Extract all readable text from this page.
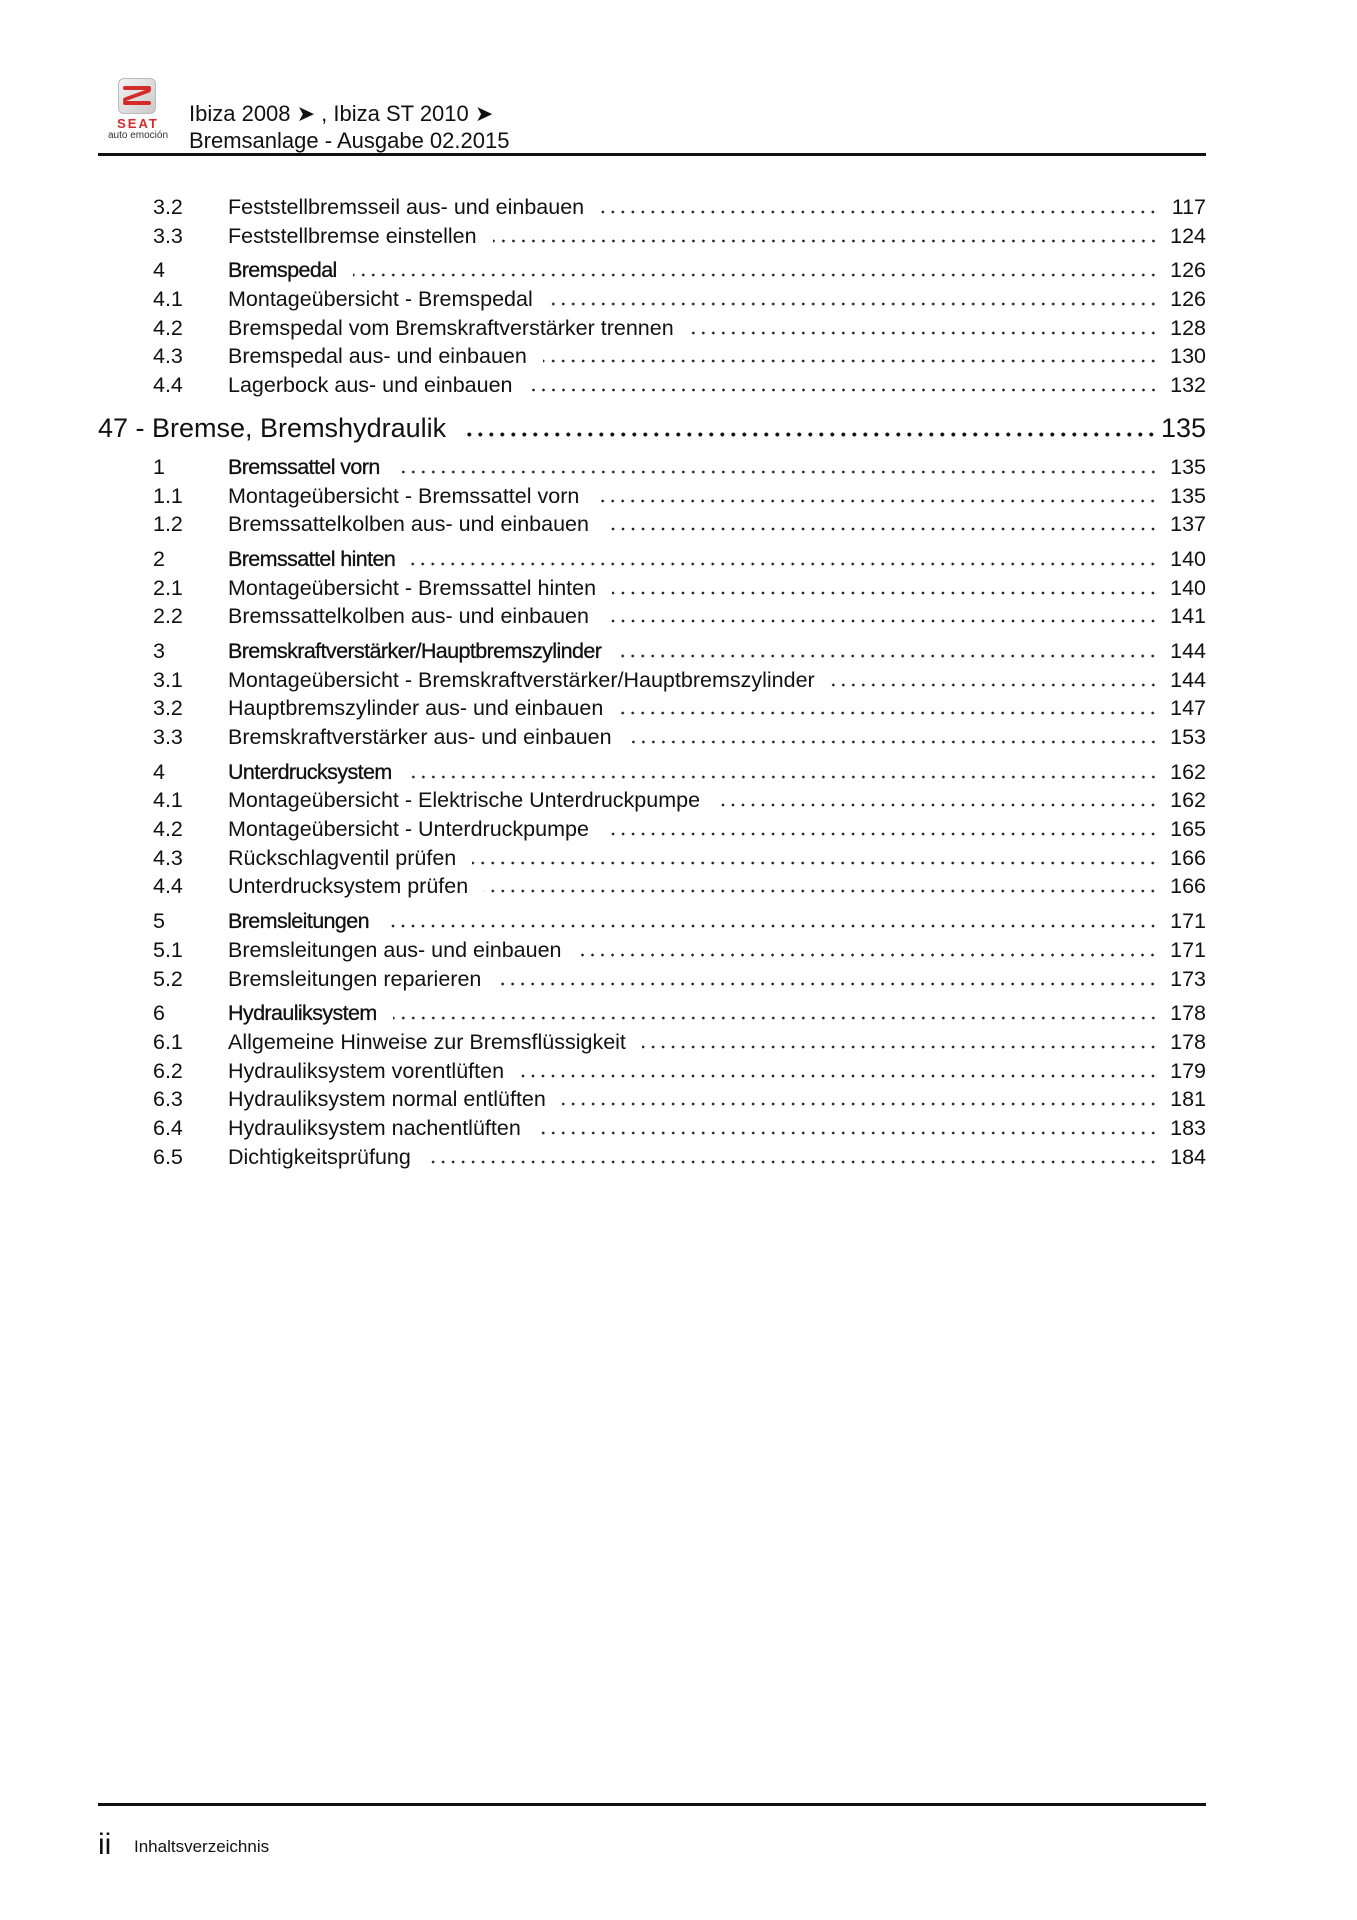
SEAT
auto emoción
Ibiza 2008 ➤ , Ibiza ST 2010 ➤
Bremsanlage - Ausgabe 02.2015
3.2	Feststellbremsseil aus- und einbauen	117
3.3	Feststellbremse einstellen	124
4	Bremspedal	126
4.1	Montageübersicht - Bremspedal	126
4.2	Bremspedal vom Bremskraftverstärker trennen	128
4.3	Bremspedal aus- und einbauen	130
4.4	Lagerbock aus- und einbauen	132
47 - Bremse, Bremshydraulik	135
1	Bremssattel vorn	135
1.1	Montageübersicht - Bremssattel vorn	135
1.2	Bremssattelkolben aus- und einbauen	137
2	Bremssattel hinten	140
2.1	Montageübersicht - Bremssattel hinten	140
2.2	Bremssattelkolben aus- und einbauen	141
3	Bremskraftverstärker/Hauptbremszylinder	144
3.1	Montageübersicht - Bremskraftverstärker/Hauptbremszylinder	144
3.2	Hauptbremszylinder aus- und einbauen	147
3.3	Bremskraftverstärker aus- und einbauen	153
4	Unterdrucksystem	162
4.1	Montageübersicht - Elektrische Unterdruckpumpe	162
4.2	Montageübersicht - Unterdruckpumpe	165
4.3	Rückschlagventil prüfen	166
4.4	Unterdrucksystem prüfen	166
5	Bremsleitungen	171
5.1	Bremsleitungen aus- und einbauen	171
5.2	Bremsleitungen reparieren	173
6	Hydrauliksystem	178
6.1	Allgemeine Hinweise zur Bremsflüssigkeit	178
6.2	Hydrauliksystem vorentlüften	179
6.3	Hydrauliksystem normal entlüften	181
6.4	Hydrauliksystem nachentlüften	183
6.5	Dichtigkeitsprüfung	184
ii Inhaltsverzeichnis
